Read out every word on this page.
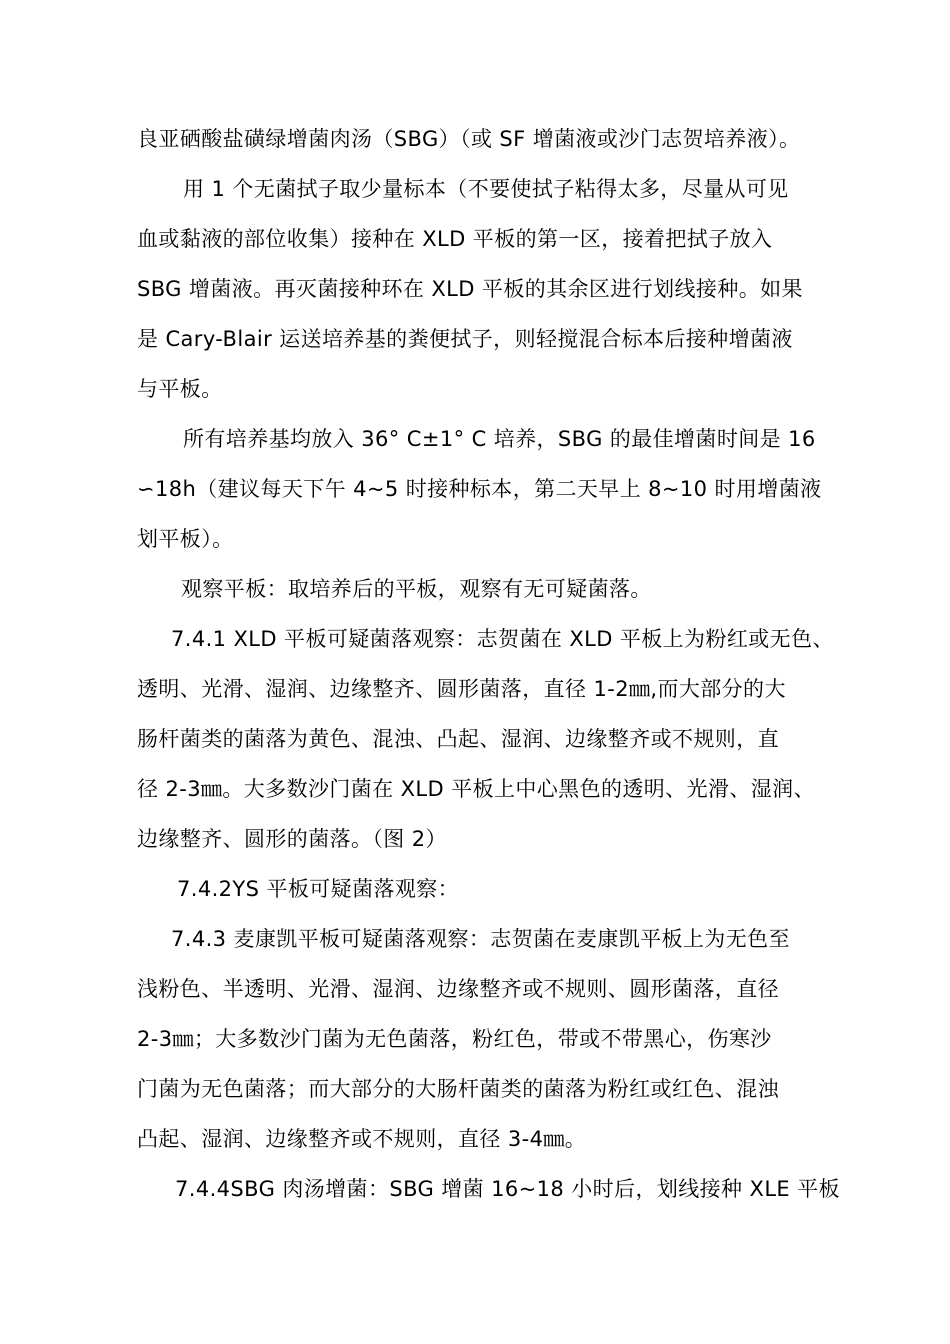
良亚硒酸盐磺绿增菌肉汤（SBG）（或 SF 增菌液或沙门志贺培养液）。
用 1 个无菌拭子取少量标本（不要使拭子粘得太多，尽量从可见
血或黏液的部位收集）接种在 XLD 平板的第一区，接着把拭子放入
SBG 增菌液。再灭菌接种环在 XLD 平板的其余区进行划线接种。如果
是 Cary-Blair 运送培养基的粪便拭子，则轻搅混合标本后接种增菌液
与平板。
所有培养基均放入 36° C±1° C 培养，SBG 的最佳增菌时间是 16
∽18h（建议每天下午 4~5 时接种标本，第二天早上 8~10 时用增菌液
划平板）。
观察平板：取培养后的平板，观察有无可疑菌落。
7.4.1 XLD 平板可疑菌落观察：志贺菌在 XLD 平板上为粉红或无色、
透明、光滑、湿润、边缘整齐、圆形菌落，直径 1-2㎜,而大部分的大
肠杆菌类的菌落为黄色、混浊、凸起、湿润、边缘整齐或不规则，直
径 2-3㎜。大多数沙门菌在 XLD 平板上中心黑色的透明、光滑、湿润、
边缘整齐、圆形的菌落。（图 2）
7.4.2YS 平板可疑菌落观察：
7.4.3 麦康凯平板可疑菌落观察：志贺菌在麦康凯平板上为无色至
浅粉色、半透明、光滑、湿润、边缘整齐或不规则、圆形菌落，直径
2-3㎜；大多数沙门菌为无色菌落，粉红色，带或不带黑心，伤寒沙
门菌为无色菌落；而大部分的大肠杆菌类的菌落为粉红或红色、混浊
凸起、湿润、边缘整齐或不规则，直径 3-4㎜。
7.4.4SBG 肉汤增菌：SBG 增菌 16~18 小时后，划线接种 XLE 平板
